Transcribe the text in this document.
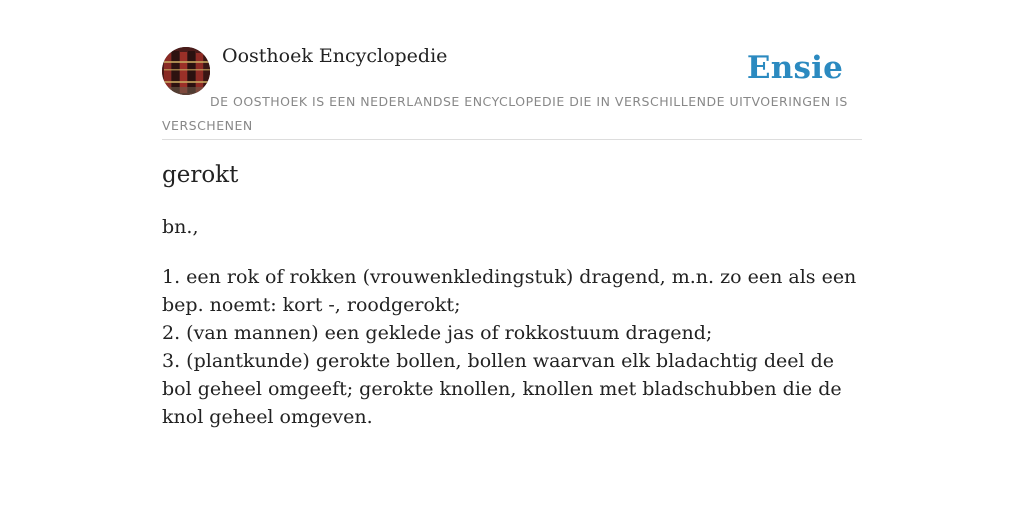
Oosthoek Encyclopedie	Ensie
DE OOSTHOEK IS EEN NEDERLANDSE ENCYCLOPEDIE DIE IN VERSCHILLENDE UITVOERINGEN IS VERSCHENEN
gerokt
bn.,
1. een rok of rokken (vrouwenkledingstuk) dragend, m.n. zo een als een bep. noemt: kort -, roodgerokt;
2. (van mannen) een geklede jas of rokkostuum dragend;
3. (plantkunde) gerokte bollen, bollen waarvan elk bladachtig deel de bol geheel omgeeft; gerokte knollen, knollen met bladschubben die de knol geheel omgeven.
